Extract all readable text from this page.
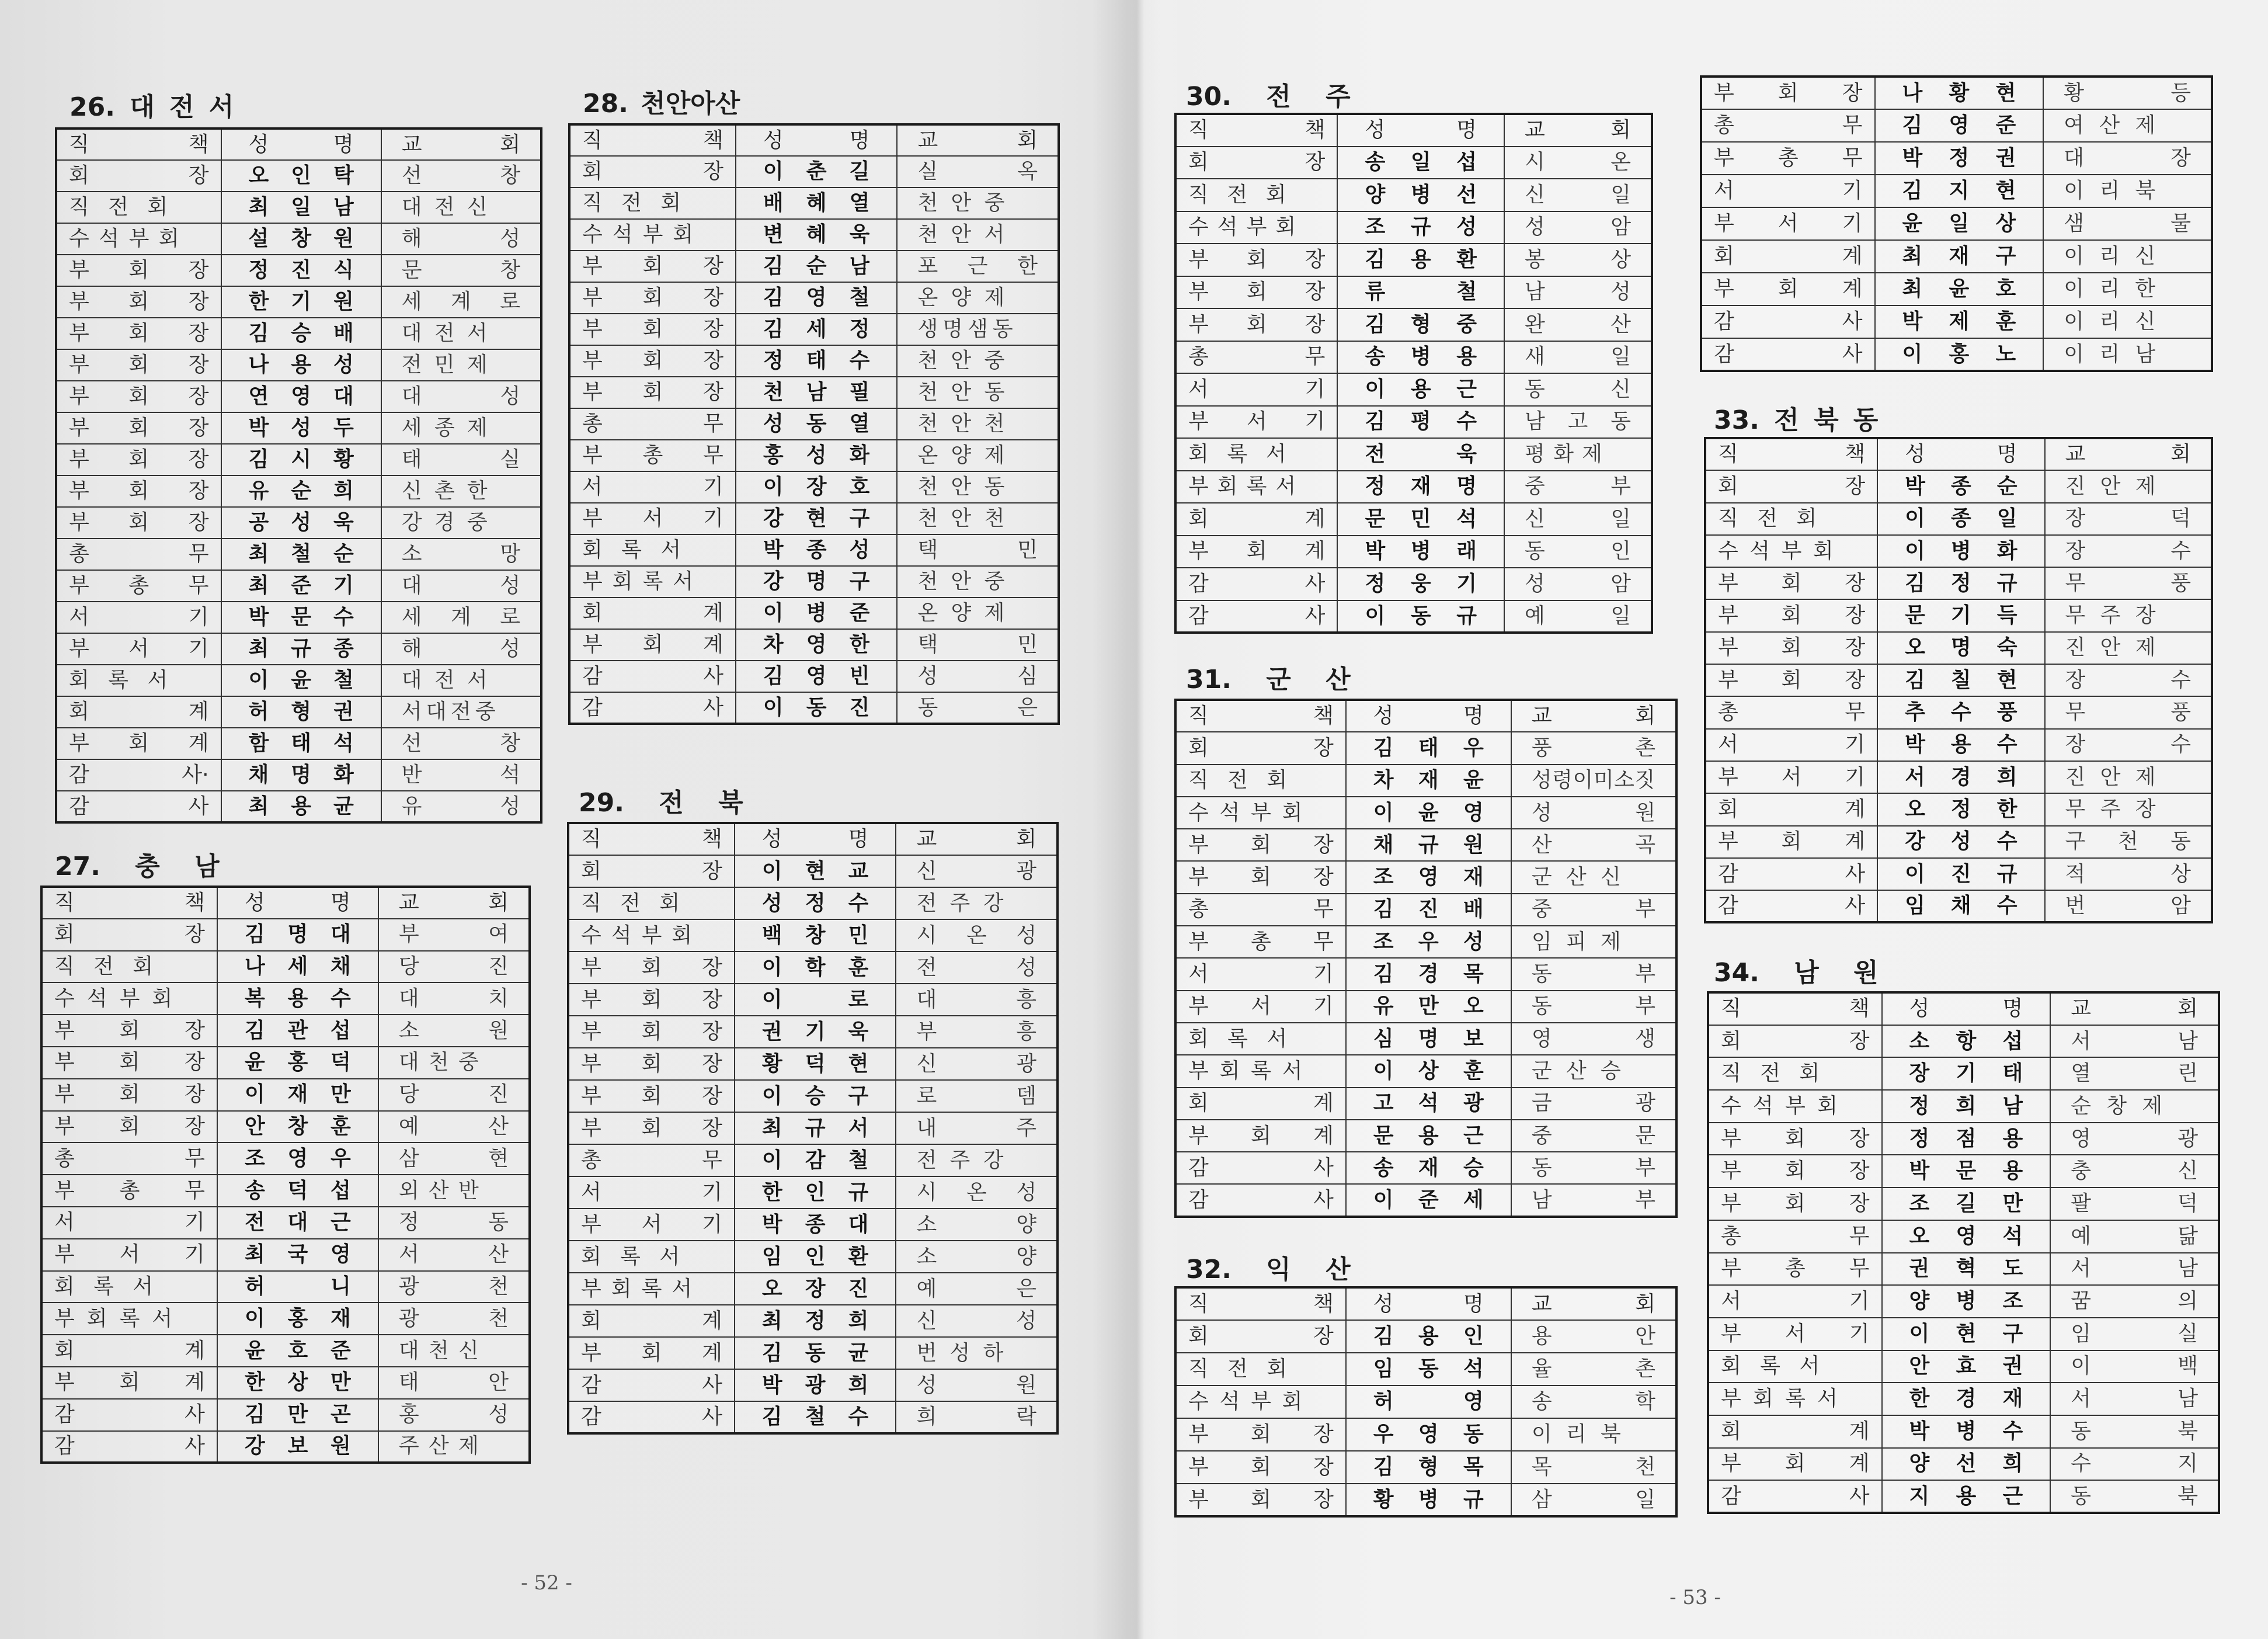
26. 대 전 서
직 책	성 명	교 회

회 장	오 인 탁	선 창

직전회	최 일 남	대전신

수석부회	설 창 원	해 성

부 회 장	정 진 식	문 창

부 회 장	한 기 원	세 계 로

부 회 장	김 승 배	대전서

부 회 장	나 용 성	전민제

부 회 장	연 영 대	대 성

부 회 장	박 성 두	세종제

부 회 장	김 시 황	태 실

부 회 장	유 순 희	신촌한

부 회 장	공 성 욱	강경중

총 무	최 철 순	소 망

부 총 무	최 준 기	대 성

서 기	박 문 수	세 계 로

부 서 기	최 규 종	해 성

회록서	이 윤 철	대전서

회 계	허 형 권	서대전중

부 회 계	함 태 석	선 창

감 사·	채 명 화	반 석

감 사	최 용 균	유 성
27. 충 남
직 책	성 명	교 회

회 장	김 명 대	부 여

직전회	나 세 채	당 진

수석부회	복 용 수	대 치

부 회 장	김 관 섭	소 원

부 회 장	윤 홍 덕	대천중

부 회 장	이 재 만	당 진

부 회 장	안 창 훈	예 산

총 무	조 영 우	삼 현

부 총 무	송 덕 섭	외산반

서 기	전 대 근	정 동

부 서 기	최 국 영	서 산

회록서	허 니	광 천

부회록서	이 홍 재	광 천

회 계	윤 호 준	대천신

부 회 계	한 상 만	태 안

감 사	김 만 곤	홍 성

감 사	강 보 원	주산제
28. 천안아산
직 책	성 명	교 회

회 장	이 춘 길	실 옥

직전회	배 혜 열	천안중

수석부회	변 혜 욱	천안서

부 회 장	김 순 남	포 근 한

부 회 장	김 영 철	온양제

부 회 장	김 세 정	생명샘동

부 회 장	정 태 수	천안중

부 회 장	천 남 필	천안동

총 무	성 동 열	천안천

부 총 무	홍 성 화	온양제

서 기	이 장 호	천안동

부 서 기	강 현 구	천안천

회록서	박 종 성	택 민

부회록서	강 명 구	천안중

회 계	이 병 준	온양제

부 회 계	차 영 한	택 민

감 사	김 영 빈	성 심

감 사	이 동 진	동 은
29. 전 북
직 책	성 명	교 회

회 장	이 현 교	신 광

직전회	성 정 수	전주강

수석부회	백 창 민	시 온 성

부 회 장	이 학 훈	전 성

부 회 장	이 로	대 흥

부 회 장	권 기 욱	부 흥

부 회 장	황 덕 현	신 광

부 회 장	이 승 구	로 뎀

부 회 장	최 규 서	내 주

총 무	이 감 철	전주강

서 기	한 인 규	시 온 성

부 서 기	박 종 대	소 양

회록서	임 인 환	소 양

부회록서	오 장 진	예 은

회 계	최 정 희	신 성

부 회 계	김 동 균	번성하

감 사	박 광 희	성 원

감 사	김 철 수	희 락
- 52 -
30. 전 주
직 책	성 명	교 회

회 장	송 일 섭	시 온

직전회	양 병 선	신 일

수석부회	조 규 성	성 암

부 회 장	김 용 환	봉 상

부 회 장	류 철	남 성

부 회 장	김 형 중	완 산

총 무	송 병 용	새 일

서 기	이 용 근	동 신

부 서 기	김 평 수	남 고 동

회록서	전 욱	평화제

부회록서	정 재 명	중 부

회 계	문 민 석	신 일

부 회 계	박 병 래	동 인

감 사	정 웅 기	성 암

감 사	이 동 규	예 일
31. 군 산
직 책	성 명	교 회

회 장	김 태 우	풍 촌

직전회	차 재 윤	성령이미소짓

수석부회	이 윤 영	성 원

부 회 장	채 규 원	산 곡

부 회 장	조 영 재	군산신

총 무	김 진 배	중 부

부 총 무	조 우 성	임피제

서 기	김 경 목	동 부

부 서 기	유 만 오	동 부

회록서	심 명 보	영 생

부회록서	이 상 훈	군산승

회 계	고 석 광	금 광

부 회 계	문 용 근	중 문

감 사	송 재 승	동 부

감 사	이 준 세	남 부
32. 익 산
직 책	성 명	교 회

회 장	김 용 인	용 안

직전회	임 동 석	율 촌

수석부회	허 영	송 학

부 회 장	우 영 동	이리북

부 회 장	김 형 목	목 천

부 회 장	황 병 규	삼 일
부 회 장	나 황 현	황 등

총 무	김 영 준	여산제

부 총 무	박 정 권	대 장

서 기	김 지 현	이리북

부 서 기	윤 일 상	샘 물

회 계	최 재 구	이리신

부 회 계	최 윤 호	이리한

감 사	박 제 훈	이리신

감 사	이 홍 노	이리남
33. 전 북 동
직 책	성 명	교 회

회 장	박 종 순	진안제

직전회	이 종 일	장 덕

수석부회	이 병 화	장 수

부 회 장	김 정 규	무 풍

부 회 장	문 기 득	무주장

부 회 장	오 명 숙	진안제

부 회 장	김 칠 현	장 수

총 무	추 수 풍	무 풍

서 기	박 용 수	장 수

부 서 기	서 경 희	진안제

회 계	오 정 한	무주장

부 회 계	강 성 수	구 천 동

감 사	이 진 규	적 상

감 사	임 채 수	번 암
34. 남 원
직 책	성 명	교 회

회 장	소 항 섭	서 남

직전회	장 기 태	열 린

수석부회	정 희 남	순창제

부 회 장	정 점 용	영 광

부 회 장	박 문 용	충 신

부 회 장	조 길 만	팔 덕

총 무	오 영 석	예 닮

부 총 무	권 혁 도	서 남

서 기	양 병 조	꿈 의

부 서 기	이 현 구	임 실

회록서	안 효 권	이 백

부회록서	한 경 재	서 남

회 계	박 병 수	동 북

부 회 계	양 선 희	수 지

감 사	지 용 근	동 북
- 53 -
